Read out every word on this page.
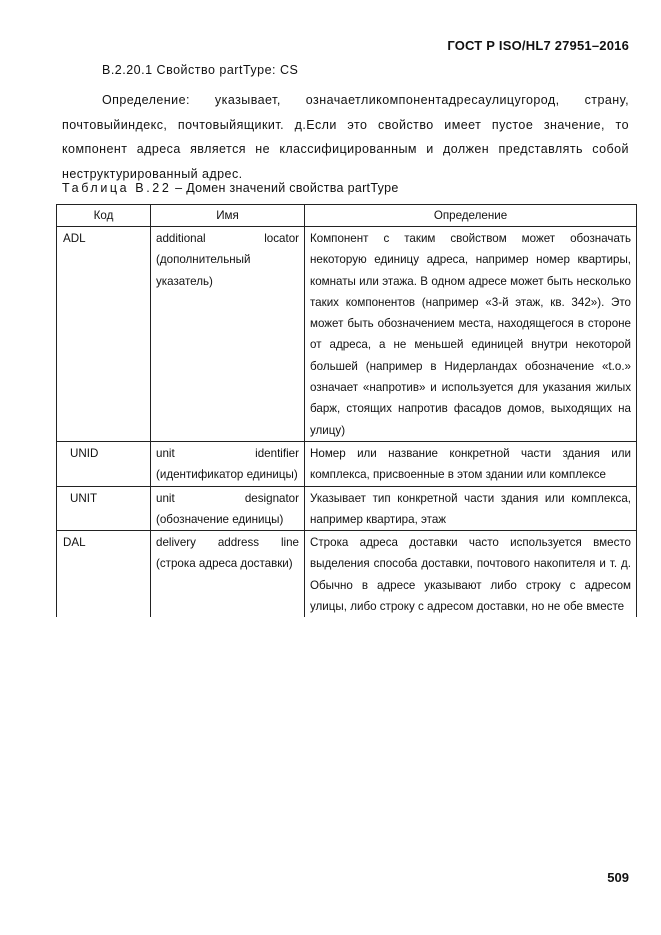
ГОСТ Р ISO/HL7 27951–2016
В.2.20.1 Свойство partType: CS

Определение: указывает, означаетликомпонентадресаулицугород, страну, почтовыйиндекс, почтовыйящикит. д.Если это свойство имеет пустое значение, то компонент адреса является не классифицированным и должен представлять собой неструктурированный адрес.

Таблица В.22 – Домен значений свойства partType
Код	Имя	Определение
ADL	additional locator (дополнительный указатель)	Компонент с таким свойством может обозначать некоторую единицу адреса, например номер квартиры, комнаты или этажа. В одном адресе может быть несколько таких компонентов (например «3-й этаж, кв. 342»). Это может быть обозначением места, находящегося в стороне от адреса, а не меньшей единицей внутри некоторой большей (например в Нидерландах обозначение «t.o.» означает «напротив» и используется для указания жилых барж, стоящих напротив фасадов домов, выходящих на улицу)
UNID	unit identifier (идентификатор единицы)	Номер или название конкретной части здания или комплекса, присвоенные в этом здании или комплексе
UNIT	unit designator (обозначение единицы)	Указывает тип конкретной части здания или комплекса, например квартира, этаж
DAL	delivery address line (строка адреса доставки)	Строка адреса доставки часто используется вместо выделения способа доставки, почтового накопителя и т. д. Обычно в адресе указывают либо строку с адресом улицы, либо строку с адресом доставки, но не обе вместе
509
